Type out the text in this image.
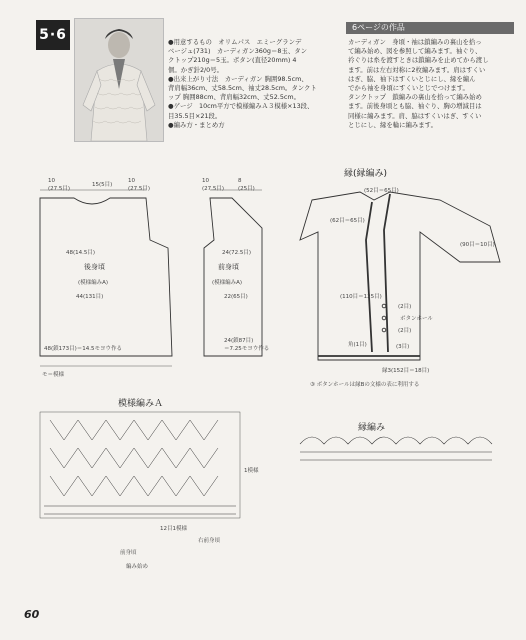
5·6	6ページの作品
●用意するもの　オリムパス　エミーグランデ
ベージュ(731)　カーディガン360g＝8玉、タン
クトップ210g＝5玉。ボタン(直径20mm) 4
個。かぎ針2/0号。
●出来上がり寸法　カーディガン 胸囲98.5cm、
背肩幅36cm、丈58.5cm、袖丈28.5cm。タンクト
ップ 胸囲88cm、背肩幅32cm、丈52.5cm。
●ゲージ　10cm平方で模様編みＡ３模様×13段、
目35.5目×21段。
●編み方・まとめ方
カーディガン　身頃・袖は鎖編みの裏山を拾っ
て編み始め、図を参照して編みます。袖ぐり、
衿ぐりは糸を渡すときは鎖編みを止めてから渡し
ます。前は左右対称に2枚編みます。肩はすくい
はぎ、脇、袖下はすくいとじにし、縁を編ん
でから袖を身頃にすくいとじでつけます。
タンクトップ　鎖編みの裏山を拾って編み始め
ます。前後身頃とも脇、袖ぐり、胸の増減目は
同様に編みます。肩、脇はすくいはぎ、すくい
とじにし、縁を輪に編みます。
縁(縁編み)
模様編みＡ
縁編み
後身頃
(模様編みA)
44(131目)
10
(27.5目)
15(5目)
10
(27.5目)
48(14.5目)
48(鎖173目)＝14.5モヨウ作る
前身頃
(模様編みA)
22(65目)
10
(27.5目)
8
(25目)
24(72.5目)
24(鎖87目)
＝7.25モヨウ作る
(52目＝65目)
(62目＝65目)
(110目＝125目)
(90目＝10目)
ボタンホール
(2目)
(2目)
(3目)
角(1目)
縁3(152目＝18目)
③ ボタンホールは縁Bの文様の表に利用する
モ＝模様
1模様
12目1模様
前身頃
右前身頃
編み始め
60
